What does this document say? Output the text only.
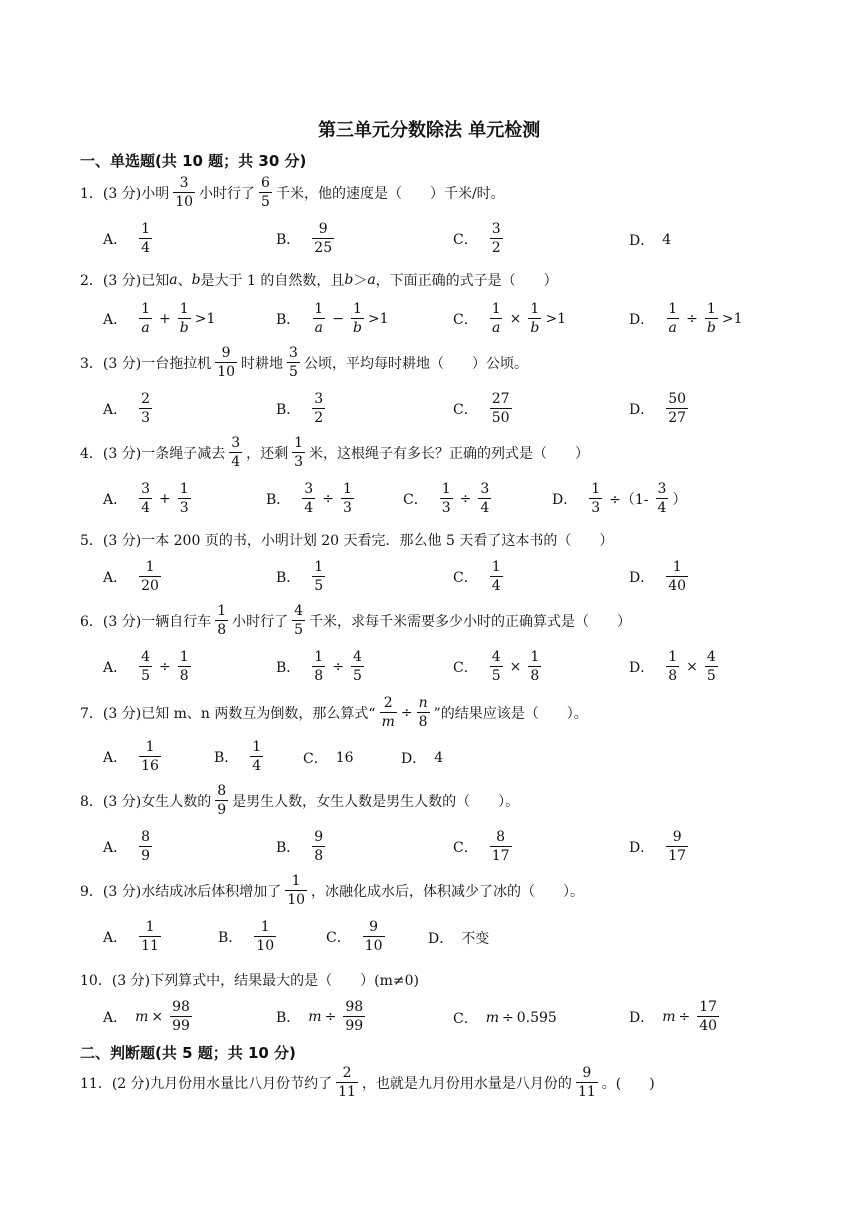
第三单元分数除法 单元检测
一、单选题(共 10 题；共 30 分)
1．(3 分) 小明 $\frac{3}{10}$ 小时行了 $\frac{6}{5}$ 千米，他的速度是（　　）千米/时。
A． $\frac{1}{4}$	B． $\frac{9}{25}$	C． $\frac{3}{2}$	D． 4
2．(3 分) 已知 a 、 b 是大于 1 的自然数，且 b ＞ a ，下面正确的式子是（　　）
A． $\frac{1}{a} + \frac{1}{b} >1$	B． $\frac{1}{a} - \frac{1}{b} >1$	C． $\frac{1}{a} \times \frac{1}{b} >1$	D． $\frac{1}{a} \div \frac{1}{b} >1$
3．(3 分) 一台拖拉机 $\frac{9}{10}$ 时耕地 $\frac{3}{5}$ 公顷，平均每时耕地（　　）公顷。
A． $\frac{2}{3}$	B． $\frac{3}{2}$	C． $\frac{27}{50}$	D． $\frac{50}{27}$
4．(3 分) 一条绳子减去 $\frac{3}{4}$ ，还剩 $\frac{1}{3}$ 米，这根绳子有多长？正确的列式是（　　）
A． $\frac{3}{4} + \frac{1}{3}$	B． $\frac{3}{4} \div \frac{1}{3}$	C． $\frac{1}{3} \div \frac{3}{4}$	D． $\frac{1}{3} \div(1- \frac{3}{4}$ ）
5．(3 分) 一本 200 页的书，小明计划 20 天看完．那么他 5 天看了这本书的（　　）
A． $\frac{1}{20}$	B． $\frac{1}{5}$	C． $\frac{1}{4}$	D． $\frac{1}{40}$
6．(3 分) 一辆自行车 $\frac{1}{8}$ 小时行了 $\frac{4}{5}$ 千米，求每千米需要多少小时的正确算式是（　　）
A． $\frac{4}{5} \div \frac{1}{8}$	B． $\frac{1}{8} \div \frac{4}{5}$	C． $\frac{4}{5} \times \frac{1}{8}$	D． $\frac{1}{8} \times \frac{4}{5}$
7．(3 分) 已知 m、n 两数互为倒数，那么算式“ $\frac{2}{m} \div \frac{n}{8}$ ”的结果应该是（　　）。
A． $\frac{1}{16}$	B． $\frac{1}{4}$	C． 16	D． 4
8．(3 分) 女生人数的 $\frac{8}{9}$ 是男生人数，女生人数是男生人数的（　　）。
A． $\frac{8}{9}$	B． $\frac{9}{8}$	C． $\frac{8}{17}$	D． $\frac{9}{17}$
9．(3 分) 水结成冰后体积增加了 $\frac{1}{10}$ ，冰融化成水后，体积减少了冰的（　　）。
A． $\frac{1}{11}$	B． $\frac{1}{10}$	C． $\frac{9}{10}$	D． 不变
10．(3 分) 下列算式中，结果最大的是（　　）(m≠0)
A． $m \times \frac{98}{99}$	B． $m \div \frac{98}{99}$	C． m ÷ 0.595	D． $m \div \frac{17}{40}$
二、判断题(共 5 题；共 10 分)
11．(2 分) 九月份用水量比八月份节约了 $\frac{2}{11}$ ，也就是九月份用水量是八月份的 $\frac{9}{11}$ 。(　　)
